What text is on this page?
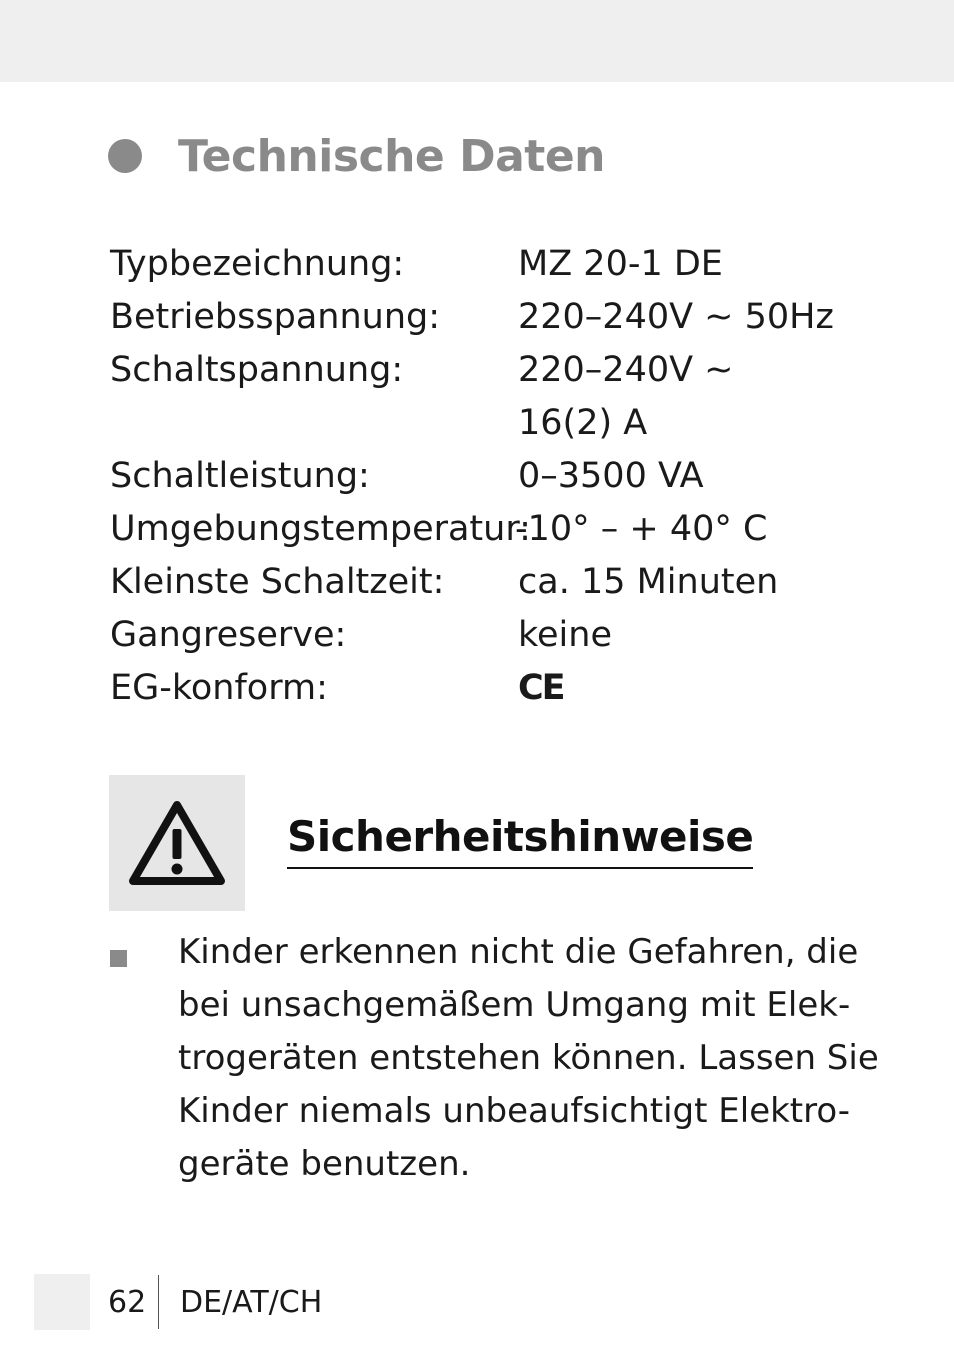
Technische Daten
Typbezeichnung:	MZ 20-1 DE
Betriebsspannung: 220–240V ~ 50Hz
Schaltspannung:	220–240V ~
16(2) A
Schaltleistung:	0–3500 VA
Umgebungstemperatur:
-10° – + 40° C
Kleinste Schaltzeit: ca. 15 Minuten
Gangreserve:	keine
EG-konform:	CE
Sicherheitshinweise

Kinder erkennen nicht die Gefahren, die
bei unsachgemäßem Umgang mit Elek-
trogeräten entstehen können. Lassen Sie
Kinder niemals unbeaufsichtigt Elektro-
geräte benutzen.

62 DE/AT/CH
